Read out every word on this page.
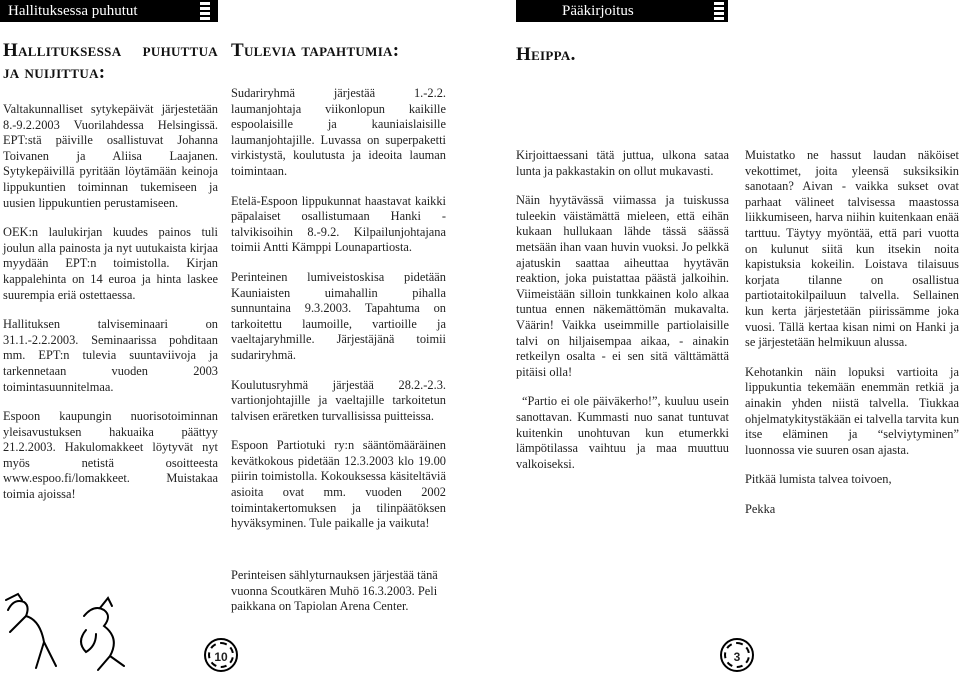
Hallituksessa puhutut	Pääkirjoitus
Hallituksessa puhuttua ja nuijittua:

Valtakunnalliset sytykepäivät järjestetään 8.-9.2.2003 Vuorilahdessa Helsingissä. EPT:stä päiville osallistuvat Johanna Toivanen ja Aliisa Laajanen. Sytykepäivillä pyritään löytämään keinoja lippukuntien toiminnan tukemiseen ja uusien lippukuntien perustamiseen.

OEK:n laulukirjan kuudes painos tuli joulun alla painosta ja nyt uutukaista kirjaa myydään EPT:n toimistolla. Kirjan kappalehinta on 14 euroa ja hinta laskee suurempia eriä ostettaessa.

Hallituksen talviseminaari on 31.1.-2.2.2003. Seminaarissa pohditaan mm. EPT:n tulevia suuntaviivoja ja tarkennetaan vuoden 2003 toimintasuunnitelmaa.

Espoon kaupungin nuorisotoiminnan yleisavustuksen hakuaika päättyy 21.2.2003. Hakulomakkeet löytyvät nyt myös netistä osoitteesta www.espoo.fi/lomakkeet. Muistakaa toimia ajoissa!

Tulevia tapahtumia:

Sudariryhmä järjestää 1.-2.2. laumanjohtaja viikonlopun kaikille espoolaisille ja kauniaislaisille laumanjohtajille. Luvassa on superpaketti virkistystä, koulutusta ja ideoita lauman toimintaan.

Etelä-Espoon lippukunnat haastavat kaikki päpalaiset osallistumaan Hanki -talvikisoihin 8.-9.2. Kilpailunjohtajana toimii Antti Kämppi Lounapartiosta.

Perinteinen lumiveistoskisa pidetään Kauniaisten uimahallin pihalla sunnuntaina 9.3.2003. Tapahtuma on tarkoitettu laumoille, vartioille ja vaeltajaryhmille. Järjestäjänä toimii sudariryhmä.

Koulutusryhmä järjestää 28.2.-2.3. vartionjohtajille ja vaeltajille tarkoitetun talvisen eräretken turvallisissa puitteissa.

Espoon Partiotuki ry:n sääntömääräinen kevätkokous pidetään 12.3.2003 klo 19.00 piirin toimistolla. Kokouksessa käsiteltäviä asioita ovat mm. vuoden 2002 toimintakertomuksen ja tilinpäätöksen hyväksyminen. Tule paikalle ja vaikuta!

Perinteisen sählyturnauksen järjestää tänä vuonna Scoutkären Muhö 16.3.2003. Peli paikkana on Tapiolan Arena Center.
Heippa.

Kirjoittaessani tätä juttua, ulkona sataa lunta ja pakkastakin on ollut mukavasti.

Näin hyytävässä viimassa ja tuiskussa tuleekin väistämättä mieleen, että eihän kukaan hullukaan lähde tässä säässä metsään ihan vaan huvin vuoksi. Jo pelkkä ajatuskin saattaa aiheuttaa hyytävän reaktion, joka puistattaa päästä jalkoihin. Viimeistään silloin tunkkainen kolo alkaa tuntua ennen näkemättömän mukavalta. Väärin! Vaikka useimmille partiolaisille talvi on hiljaisempaa aikaa, - ainakin retkeilyn osalta - ei sen sitä välttämättä pitäisi olla!

“Partio ei ole päiväkerho!”, kuuluu usein sanottavan. Kummasti nuo sanat tuntuvat kuitenkin unohtuvan kun etumerkki lämpötilassa vaihtuu ja maa muuttuu valkoiseksi.

Muistatko ne hassut laudan näköiset vekottimet, joita yleensä suksiksikin sanotaan? Aivan - vaikka sukset ovat parhaat välineet talvisessa maastossa liikkumiseen, harva niihin kuitenkaan enää tarttuu. Täytyy myöntää, että pari vuotta on kulunut siitä kun itsekin noita kapistuksia kokeilin. Loistava tilaisuus korjata tilanne on osallistua partiotaitokilpailuun talvella. Sellainen kun kerta järjestetään piirissämme joka vuosi. Tällä kertaa kisan nimi on Hanki ja se järjestetään helmikuun alussa.

Kehotankin näin lopuksi vartioita ja lippukuntia tekemään enemmän retkiä ja ainakin yhden niistä talvella. Tiukkaa ohjelmatykitystäkään ei talvella tarvita kun itse eläminen ja “selviytyminen” luonnossa vie suuren osan ajasta.

Pitkää lumista talvea toivoen,

Pekka

10	3
